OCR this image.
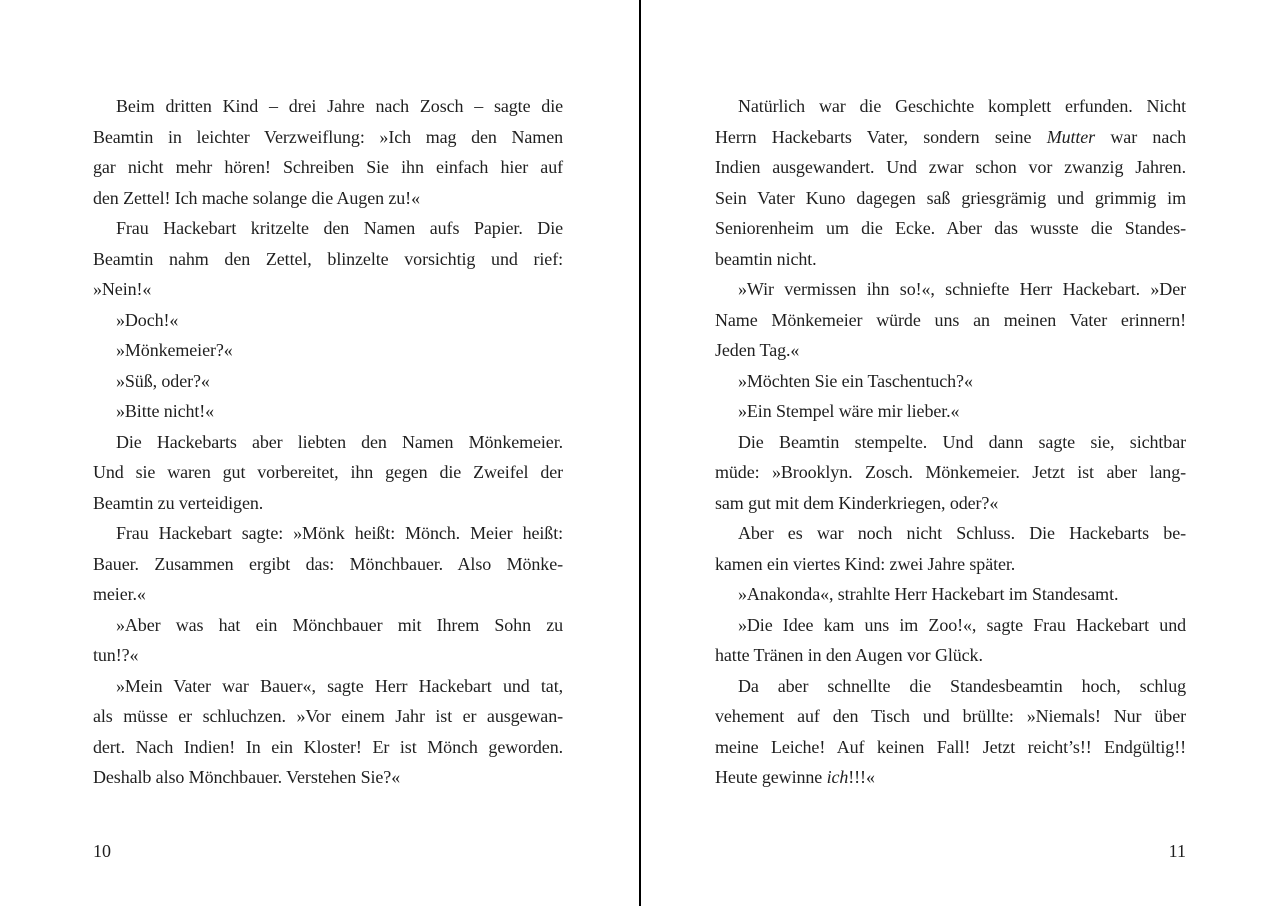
Beim dritten Kind – drei Jahre nach Zosch – sagte die
Beamtin in leichter Verzweiflung: »Ich mag den Namen
gar nicht mehr hören! Schreiben Sie ihn einfach hier auf
den Zettel! Ich mache solange die Augen zu!«
Frau Hackebart kritzelte den Namen aufs Papier. Die
Beamtin nahm den Zettel, blinzelte vorsichtig und rief:
»Nein!«
»Doch!«
»Mönkemeier?«
»Süß, oder?«
»Bitte nicht!«
Die Hackebarts aber liebten den Namen Mönkemeier.
Und sie waren gut vorbereitet, ihn gegen die Zweifel der
Beamtin zu verteidigen.
Frau Hackebart sagte: »Mönk heißt: Mönch. Meier heißt:
Bauer. Zusammen ergibt das: Mönchbauer. Also Mönke-
meier.«
»Aber was hat ein Mönchbauer mit Ihrem Sohn zu
tun!?«
»Mein Vater war Bauer«, sagte Herr Hackebart und tat,
als müsse er schluchzen. »Vor einem Jahr ist er ausgewan-
dert. Nach Indien! In ein Kloster! Er ist Mönch geworden.
Deshalb also Mönchbauer. Verstehen Sie?«
10
Natürlich war die Geschichte komplett erfunden. Nicht
Herrn Hackebarts Vater, sondern seine Mutter war nach
Indien ausgewandert. Und zwar schon vor zwanzig Jahren.
Sein Vater Kuno dagegen saß griesgrämig und grimmig im
Seniorenheim um die Ecke. Aber das wusste die Standes-
beamtin nicht.
»Wir vermissen ihn so!«, schniefte Herr Hackebart. »Der
Name Mönkemeier würde uns an meinen Vater erinnern!
Jeden Tag.«
»Möchten Sie ein Taschentuch?«
»Ein Stempel wäre mir lieber.«
Die Beamtin stempelte. Und dann sagte sie, sichtbar
müde: »Brooklyn. Zosch. Mönkemeier. Jetzt ist aber lang-
sam gut mit dem Kinderkriegen, oder?«
Aber es war noch nicht Schluss. Die Hackebarts be-
kamen ein viertes Kind: zwei Jahre später.
»Anakonda«, strahlte Herr Hackebart im Standesamt.
»Die Idee kam uns im Zoo!«, sagte Frau Hackebart und
hatte Tränen in den Augen vor Glück.
Da aber schnellte die Standesbeamtin hoch, schlug
vehement auf den Tisch und brüllte: »Niemals! Nur über
meine Leiche! Auf keinen Fall! Jetzt reicht’s!! Endgültig!!
Heute gewinne ich!!!«
11
